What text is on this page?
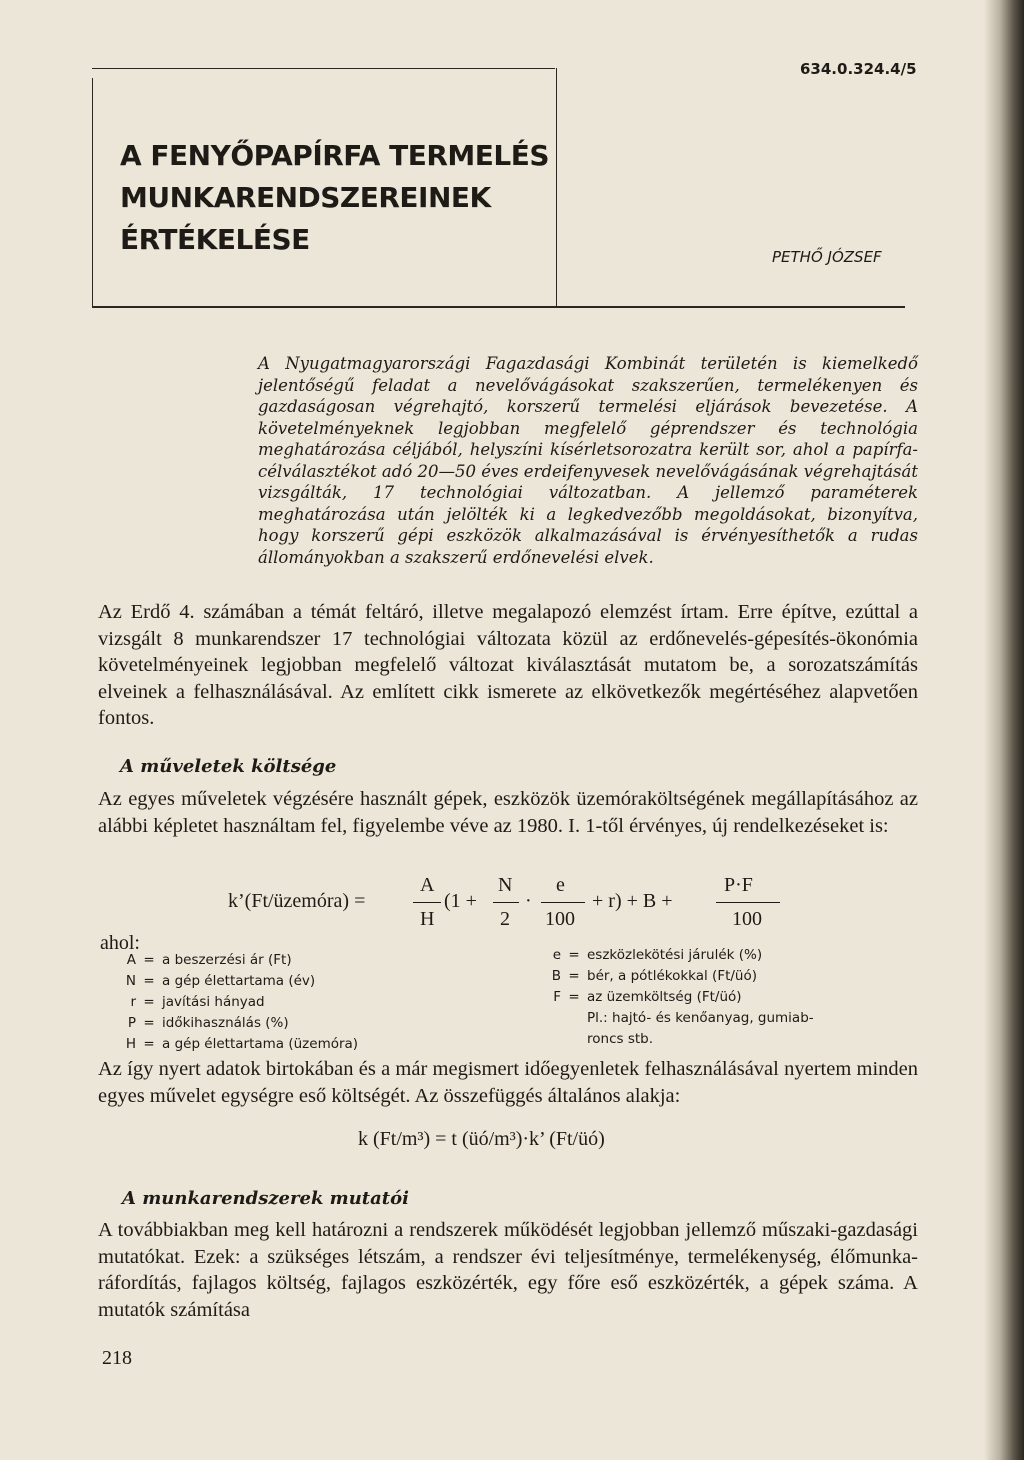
634.0.324.4/5
A FENYŐPAPÍRFA TERMELÉS
MUNKARENDSZEREINEK
ÉRTÉKELÉSE
PETHŐ JÓZSEF

A Nyugatmagyarországi Fagazdasági Kombinát területén is kiemelkedő jelentőségű feladat a nevelővágásokat szakszerűen, termelékenyen és gazdaságosan végrehajtó, korszerű termelési eljárások bevezetése. A követelményeknek legjobban megfelelő géprendszer és technológia meghatározása céljából, helyszíni kísérletsorozatra került sor, ahol a papírfa-célválasztékot adó 20—50 éves erdeifenyvesek nevelővágásának végrehajtását vizsgálták, 17 technológiai változatban. A jellemző paraméterek meghatározása után jelölték ki a legkedvezőbb megoldásokat, bizonyítva, hogy korszerű gépi eszközök alkalmazásával is érvényesíthetők a rudas állományokban a szakszerű erdőnevelési elvek.

Az Erdő 4. számában a témát feltáró, illetve megalapozó elemzést írtam. Erre építve, ezúttal a vizsgált 8 munkarendszer 17 technológiai változata közül az erdőnevelés-gépesítés-ökonómia követelményeinek legjobban megfelelő változat kiválasztását mutatom be, a sorozatszámítás elveinek a felhasználásával. Az említett cikk ismerete az elkövetkezők megértéséhez alapvetően fontos.

A műveletek költsége

Az egyes műveletek végzésére használt gépek, eszközök üzemóraköltségének megállapításához az alábbi képletet használtam fel, figyelembe véve az 1980. I. 1-től érvényes, új rendelkezéseket is:

k’(Ft/üzemóra) =
A
H
(1 +
N
2
·
e
100
+ r) + B +
P·F
100
ahol:
A = a beszerzési ár (Ft)
N = a gép élettartama (év)
r = javítási hányad
P = időkihasználás (%)
H = a gép élettartama (üzemóra)
e = eszközlekötési járulék (%)
B = bér, a pótlékokkal (Ft/üó)
F = az üzemköltség (Ft/üó)
Pl.: hajtó- és kenőanyag, gumiab-
roncs stb.

Az így nyert adatok birtokában és a már megismert időegyenletek felhasználásával nyertem minden egyes művelet egységre eső költségét. Az összefüggés általános alakja:

k (Ft/m³) = t (üó/m³)·k’ (Ft/üó)
A munkarendszerek mutatói

A továbbiakban meg kell határozni a rendszerek működését legjobban jellemző műszaki-gazdasági mutatókat. Ezek: a szükséges létszám, a rendszer évi teljesítménye, termelékenység, élőmunka-ráfordítás, fajlagos költség, fajlagos eszközérték, egy főre eső eszközérték, a gépek száma. A mutatók számítása

218
